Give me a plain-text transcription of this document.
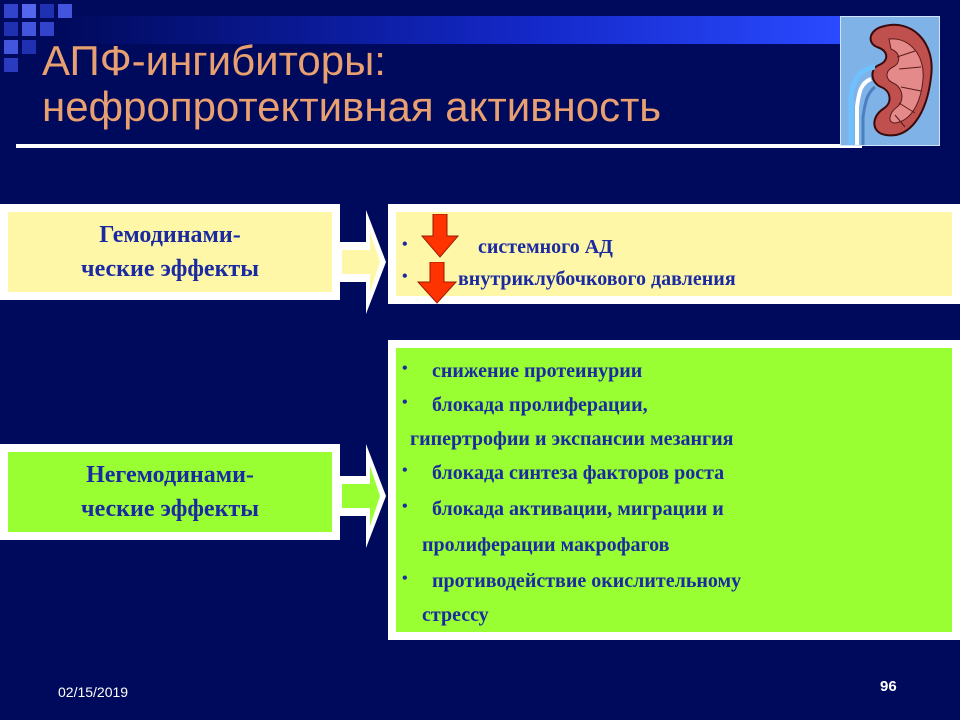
АПФ-ингибиторы:
нефропротективная активность
Гемодинами-
ческие эффекты
•	системного АД
•	внутриклубочкового давления
Негемодинами-
ческие эффекты
• снижение протеинурии
• блокада пролиферации,
гипертрофии и экспансии мезангия
• блокада синтеза факторов роста
• блокада активации, миграции и
пролиферации макрофагов
• противодействие окислительному
стрессу
02/15/2019	96
